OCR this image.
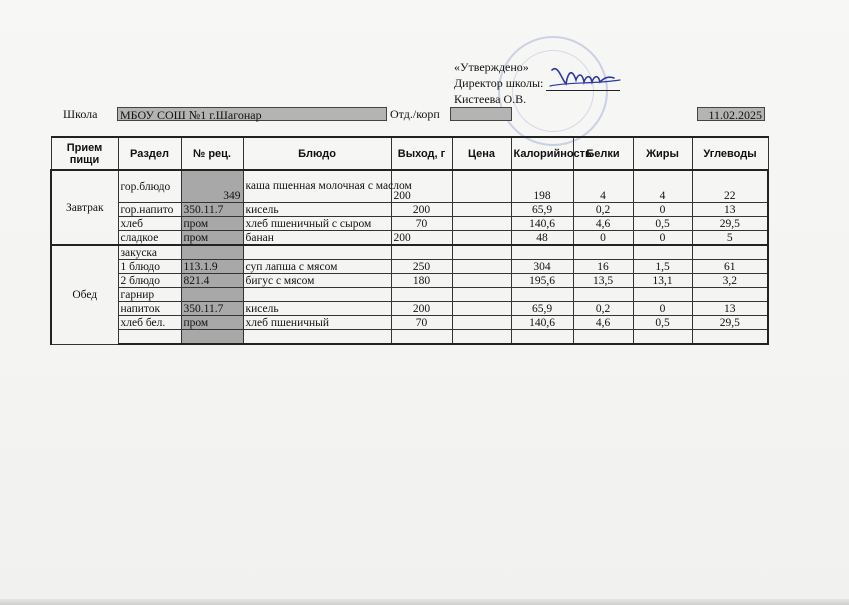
«Утверждено»
Директор школы:
Кистеева О.В.
Школа МБОУ СОШ №1 г.Шагонар	Отд./корп	11.02.2025
Прием пищи	Раздел	№ рец.	Блюдо	Выход, г	Цена	Калорийность	Белки	Жиры	Углеводы
Завтрак	гор.блюдо	349	каша пшенная молочная с маслом	200		198	4	4	22
	гор.напито	350.11.7	кисель	200		65,9	0,2	0	13
	хлеб	пром	хлеб пшеничный с сыром	70		140,6	4,6	0,5	29,5
	сладкое	пром	банан	200		48	0	0	5
Обед	закуска								
	1 блюдо	113.1.9	суп лапша с мясом	250		304	16	1,5	61
	2 блюдо	821.4	бигус с мясом	180		195,6	13,5	13,1	3,2
	гарнир								
	напиток	350.11.7	кисель	200		65,9	0,2	0	13
	хлеб бел.	пром	хлеб пшеничный	70		140,6	4,6	0,5	29,5
